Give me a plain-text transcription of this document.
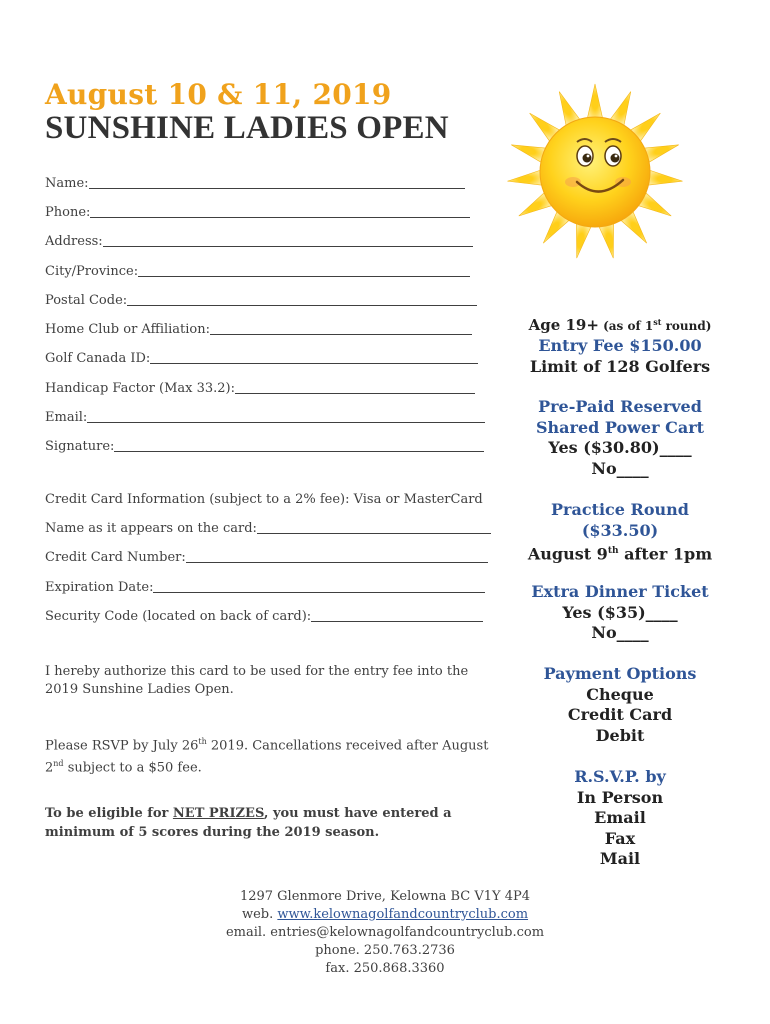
August 10 & 11, 2019
SUNSHINE LADIES OPEN
Name:
Phone:
Address:
City/Province:
Postal Code:
Home Club or Affiliation:
Golf Canada ID:
Handicap Factor (Max 33.2):
Email:
Signature:
Credit Card Information (subject to a 2% fee): Visa or MasterCard
Name as it appears on the card:
Credit Card Number:
Expiration Date:
Security Code (located on back of card):
I hereby authorize this card to be used for the entry fee into the
2019 Sunshine Ladies Open.
Please RSVP by July 26th 2019. Cancellations received after August
2nd subject to a $50 fee.
To be eligible for NET PRIZES, you must have entered a
minimum of 5 scores during the 2019 season.
Age 19+ (as of 1st round)
Entry Fee $150.00
Limit of 128 Golfers
Pre-Paid Reserved
Shared Power Cart
Yes ($30.80)____
No____
Practice Round
($33.50)
August 9th after 1pm
Extra Dinner Ticket
Yes ($35)____
No____
Payment Options
Cheque
Credit Card
Debit
R.S.V.P. by
In Person
Email
Fax
Mail
1297 Glenmore Drive, Kelowna BC V1Y 4P4
web. www.kelownagolfandcountryclub.com
email. entries@kelownagolfandcountryclub.com
phone. 250.763.2736
fax. 250.868.3360
